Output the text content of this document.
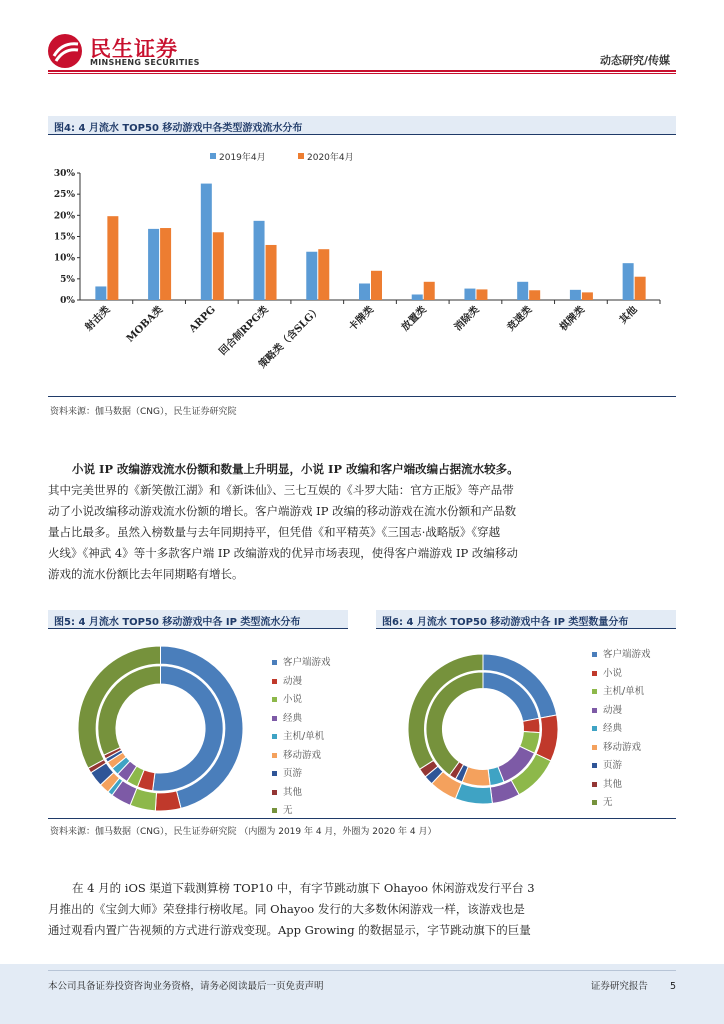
民生证券
MINSHENG SECURITIES	动态研究/传媒
图4: 4 月流水 TOP50 移动游戏中各类型游戏流水分布
2019年4月	2020年4月
0%
5%
10%
15%
20%
25%
30%
射击类 MOBA类 ARPG 回合制RPG类
策略类（含SLG） 卡牌类 放置类 消除类 竞速类 棋牌类	其他
资料来源：伽马数据（CNG），民生证券研究院
小说 IP 改编游戏流水份额和数量上升明显，小说 IP 改编和客户端改编占据流水较多。
其中完美世界的《新笑傲江湖》和《新诛仙》、三七互娱的《斗罗大陆：官方正版》等产品带
动了小说改编移动游戏流水份额的增长。客户端游戏 IP 改编的移动游戏在流水份额和产品数
量占比最多。虽然入榜数量与去年同期持平，但凭借《和平精英》《三国志·战略版》《穿越
火线》《神武 4》等十多款客户端 IP 改编游戏的优异市场表现，使得客户端游戏 IP 改编移动
游戏的流水份额比去年同期略有增长。
图5: 4 月流水 TOP50 移动游戏中各 IP 类型流水分布
客户端游戏
动漫
小说
经典
主机/单机
移动游戏
页游
其他
无
图6: 4 月流水 TOP50 移动游戏中各 IP 类型数量分布
客户端游戏
小说
主机/单机
动漫
经典
移动游戏
页游
其他
无
资料来源：伽马数据（CNG），民生证券研究院 （内圈为 2019 年 4 月，外圈为 2020 年 4 月）
在 4 月的 iOS 渠道下载测算榜 TOP10 中，有字节跳动旗下 Ohayoo 休闲游戏发行平台 3
月推出的《宝剑大师》荣登排行榜收尾。同 Ohayoo 发行的大多数休闲游戏一样，该游戏也是
通过观看内置广告视频的方式进行游戏变现。App Growing 的数据显示，字节跳动旗下的巨量
本公司具备证券投资咨询业务资格，请务必阅读最后一页免责声明	证券研究报告 5
